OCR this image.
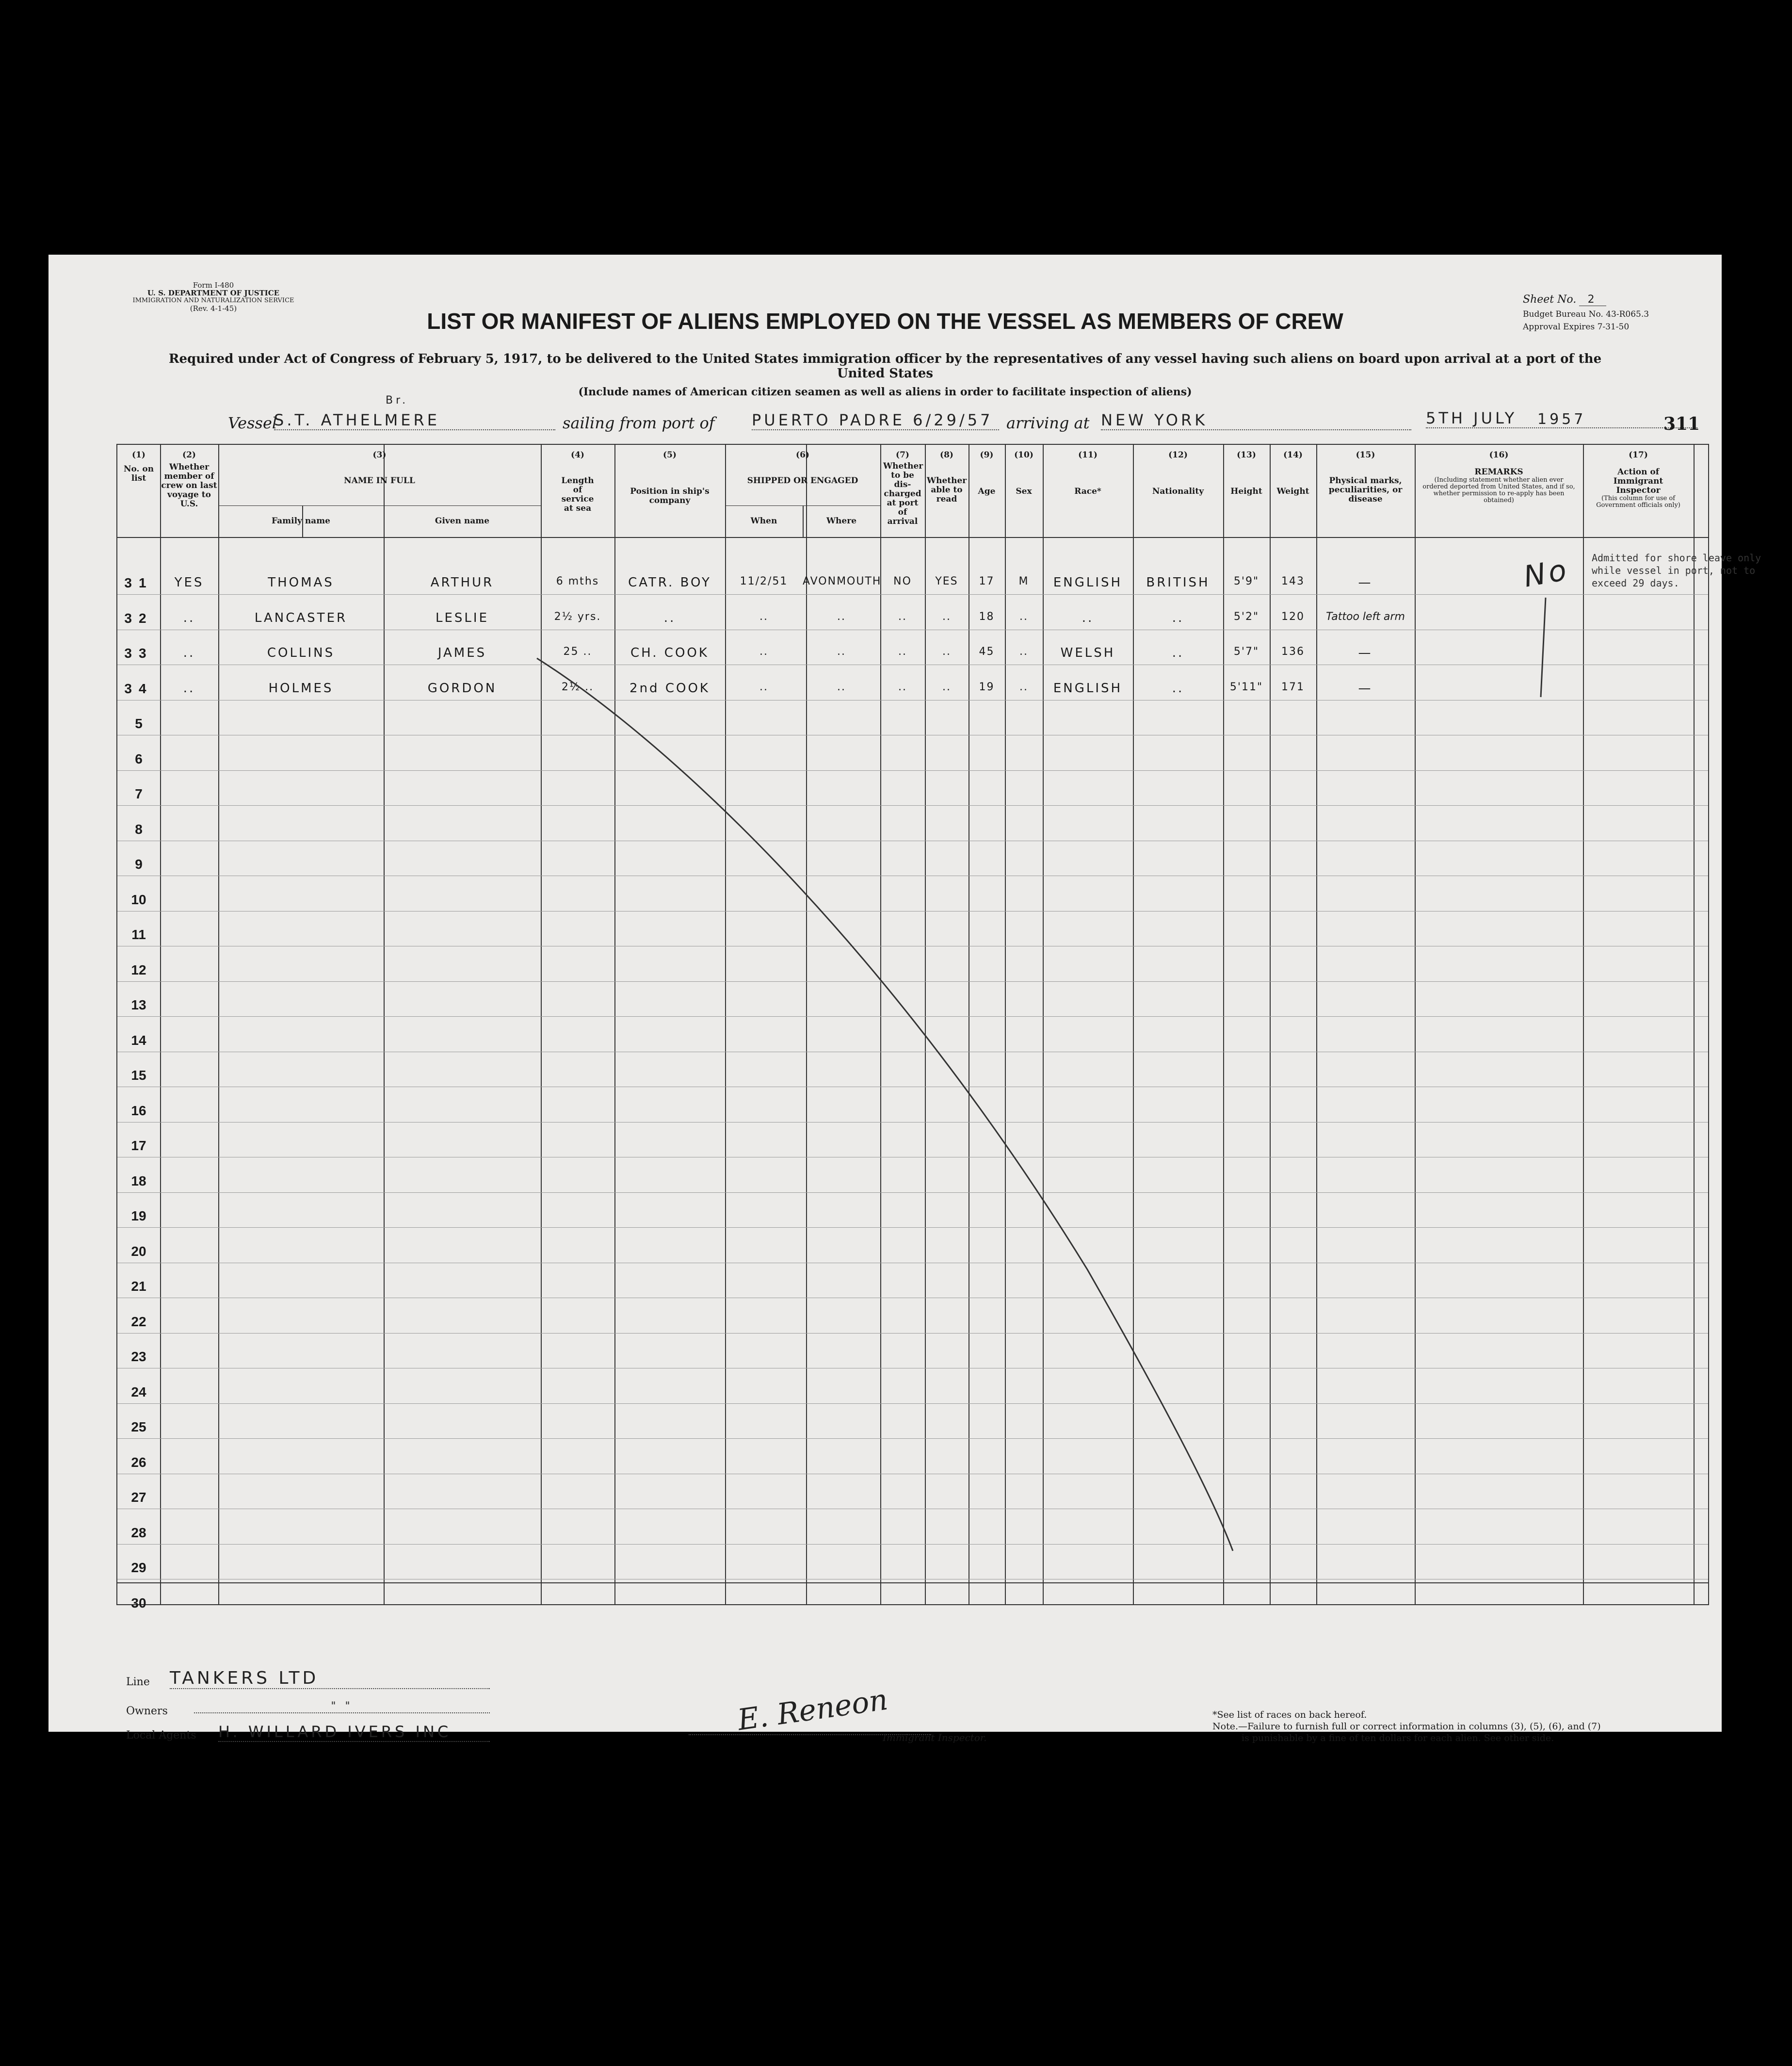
Form I-480
U. S. DEPARTMENT OF JUSTICE
IMMIGRATION AND NATURALIZATION SERVICE
(Rev. 4-1-45)
Sheet No. 2
Budget Bureau No. 43-R065.3
Approval Expires 7-31-50
LIST OR MANIFEST OF ALIENS EMPLOYED ON THE VESSEL AS MEMBERS OF CREW
Required under Act of Congress of February 5, 1917, to be delivered to the United States immigration officer by the representatives of any vessel having such aliens on board upon arrival at a port of the United States
(Include names of American citizen seamen as well as aliens in order to facilitate inspection of aliens)
Vessel
S.T. ATHELMERE
Br.
sailing from port of PUERTO PADRE 6/29/57 arriving at NEW YORK	5TH JULY	1957	311
(1)
No. on list
(2)
Whether member of crew on last voyage to U.S.
(3)
NAME IN FULL
Family name	Given name
(4)
Length of service at sea
(5)
Position in ship's company
(6)
SHIPPED OR ENGAGED
When	Where
(7)
Whether to be dis-charged at port of arrival
(8)
Whether able to read
(9)
Age
(10)
Sex
(11)
Race*
(12)
Nationality
(13)
Height
(14)
Weight
(15)
Physical marks, peculiarities, or disease
(16)
REMARKS
(Including statement whether alien ever ordered deported from United States, and if so, whether permission to re-apply has been obtained)
(17)
Action of Immigrant Inspector
(This column for use of Government officials only)
31	YES	THOMAS	ARTHUR	6 mths	CATR. BOY	11/2/51	AVONMOUTH	NO	YES	17	M	ENGLISH	BRITISH	5'9"	143	—
32	..	LANCASTER	LESLIE	2½ yrs.	..	..	..	..	..	18	..	..	..	5'2"	120	Tattoo left arm
33	..	COLLINS	JAMES	25 ..	CH. COOK	..	..	..	..	45	..	WELSH	..	5'7"	136	—
34	..	HOLMES	GORDON	2½ ..	2nd COOK	..	..	..	..	19	..	ENGLISH	..	5'11"	171	—
5
6
7
8
9
10
11
12
13
14
15
16
17
18
19
20
21
22
23
24
25
26
27
28
29
30
Admitted for shore leave only
while vessel in port, not to
exceed 29 days.
No
Line TANKERS LTD
Owners	" "
Local Agents H. WILLARD IVERS INC	E. Reneon
Immigrant Inspector.
*See list of races on back hereof.
Note.—Failure to furnish full or correct information in columns (3), (5), (6), and (7)
is punishable by a fine of ten dollars for each alien. See other side.
